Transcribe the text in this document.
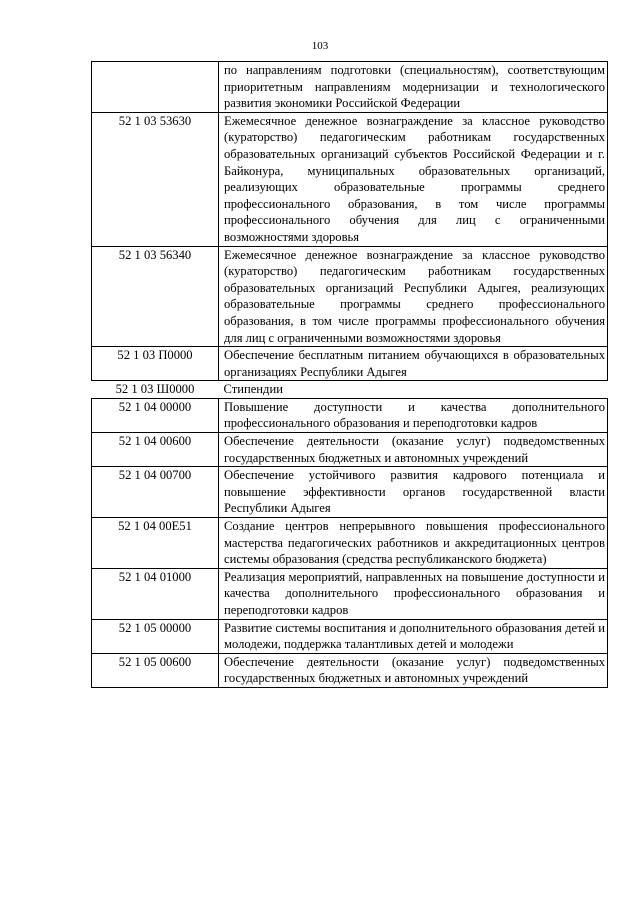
103
	по направлениям подготовки (специальностям), соответствующим приоритетным направлениям модернизации и технологического развития экономики Российской Федерации
52 1 03 53630	Ежемесячное денежное вознаграждение за классное руководство (кураторство) педагогическим работникам государственных образовательных организаций субъектов Российской Федерации и г. Байконура, муниципальных образовательных организаций, реализующих образовательные программы среднего профессионального образования, в том числе программы профессионального обучения для лиц с ограниченными возможностями здоровья
52 1 03 56340	Ежемесячное денежное вознаграждение за классное руководство (кураторство) педагогическим работникам государственных образовательных организаций Республики Адыгея, реализующих образовательные программы среднего профессионального образования, в том числе программы профессионального обучения для лиц с ограниченными возможностями здоровья
52 1 03 П0000	Обеспечение бесплатным питанием обучающихся в образовательных организациях Республики Адыгея
52 1 03 Ш0000	Стипендии
52 1 04 00000	Повышение доступности и качества дополнительного профессионального образования и переподготовки кадров
52 1 04 00600	Обеспечение деятельности (оказание услуг) подведомственных государственных бюджетных и автономных учреждений
52 1 04 00700	Обеспечение устойчивого развития кадрового потенциала и повышение эффективности органов государственной власти Республики Адыгея
52 1 04 00Е51	Создание центров непрерывного повышения профессионального мастерства педагогических работников и аккредитационных центров системы образования (средства республиканского бюджета)
52 1 04 01000	Реализация мероприятий, направленных на повышение доступности и качества дополнительного профессионального образования и переподготовки кадров
52 1 05 00000	Развитие системы воспитания и дополнительного образования детей и молодежи, поддержка талантливых детей и молодежи
52 1 05 00600	Обеспечение деятельности (оказание услуг) подведомственных государственных бюджетных и автономных учреждений
